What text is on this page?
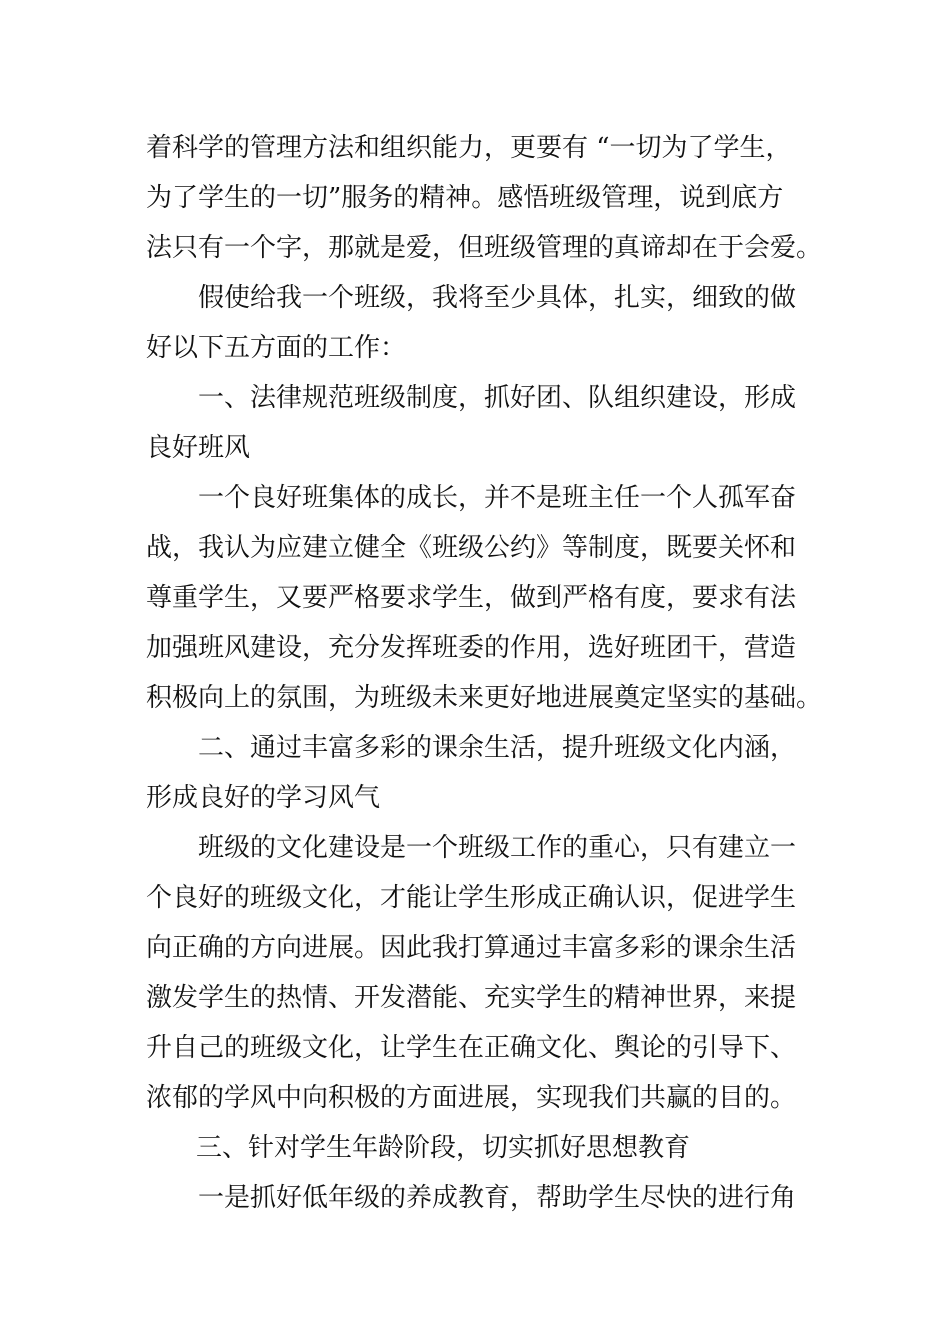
着科学的管理方法和组织能力，更要有 “一切为了学生，
为了学生的一切”服务的精神。感悟班级管理，说到底方
法只有一个字，那就是爱，但班级管理的真谛却在于会爱。
假使给我一个班级，我将至少具体，扎实，细致的做
好以下五方面的工作：
一、法律规范班级制度，抓好团、队组织建设，形成
良好班风
一个良好班集体的成长，并不是班主任一个人孤军奋
战，我认为应建立健全《班级公约》等制度，既要关怀和
尊重学生，又要严格要求学生，做到严格有度，要求有法
加强班风建设，充分发挥班委的作用，选好班团干，营造
积极向上的氛围，为班级未来更好地进展奠定坚实的基础。
二、通过丰富多彩的课余生活，提升班级文化内涵，
形成良好的学习风气
班级的文化建设是一个班级工作的重心，只有建立一
个良好的班级文化，才能让学生形成正确认识，促进学生
向正确的方向进展。因此我打算通过丰富多彩的课余生活
激发学生的热情、开发潜能、充实学生的精神世界，来提
升自己的班级文化，让学生在正确文化、舆论的引导下、
浓郁的学风中向积极的方面进展，实现我们共赢的目的。
三、针对学生年龄阶段，切实抓好思想教育
一是抓好低年级的养成教育，帮助学生尽快的进行角
